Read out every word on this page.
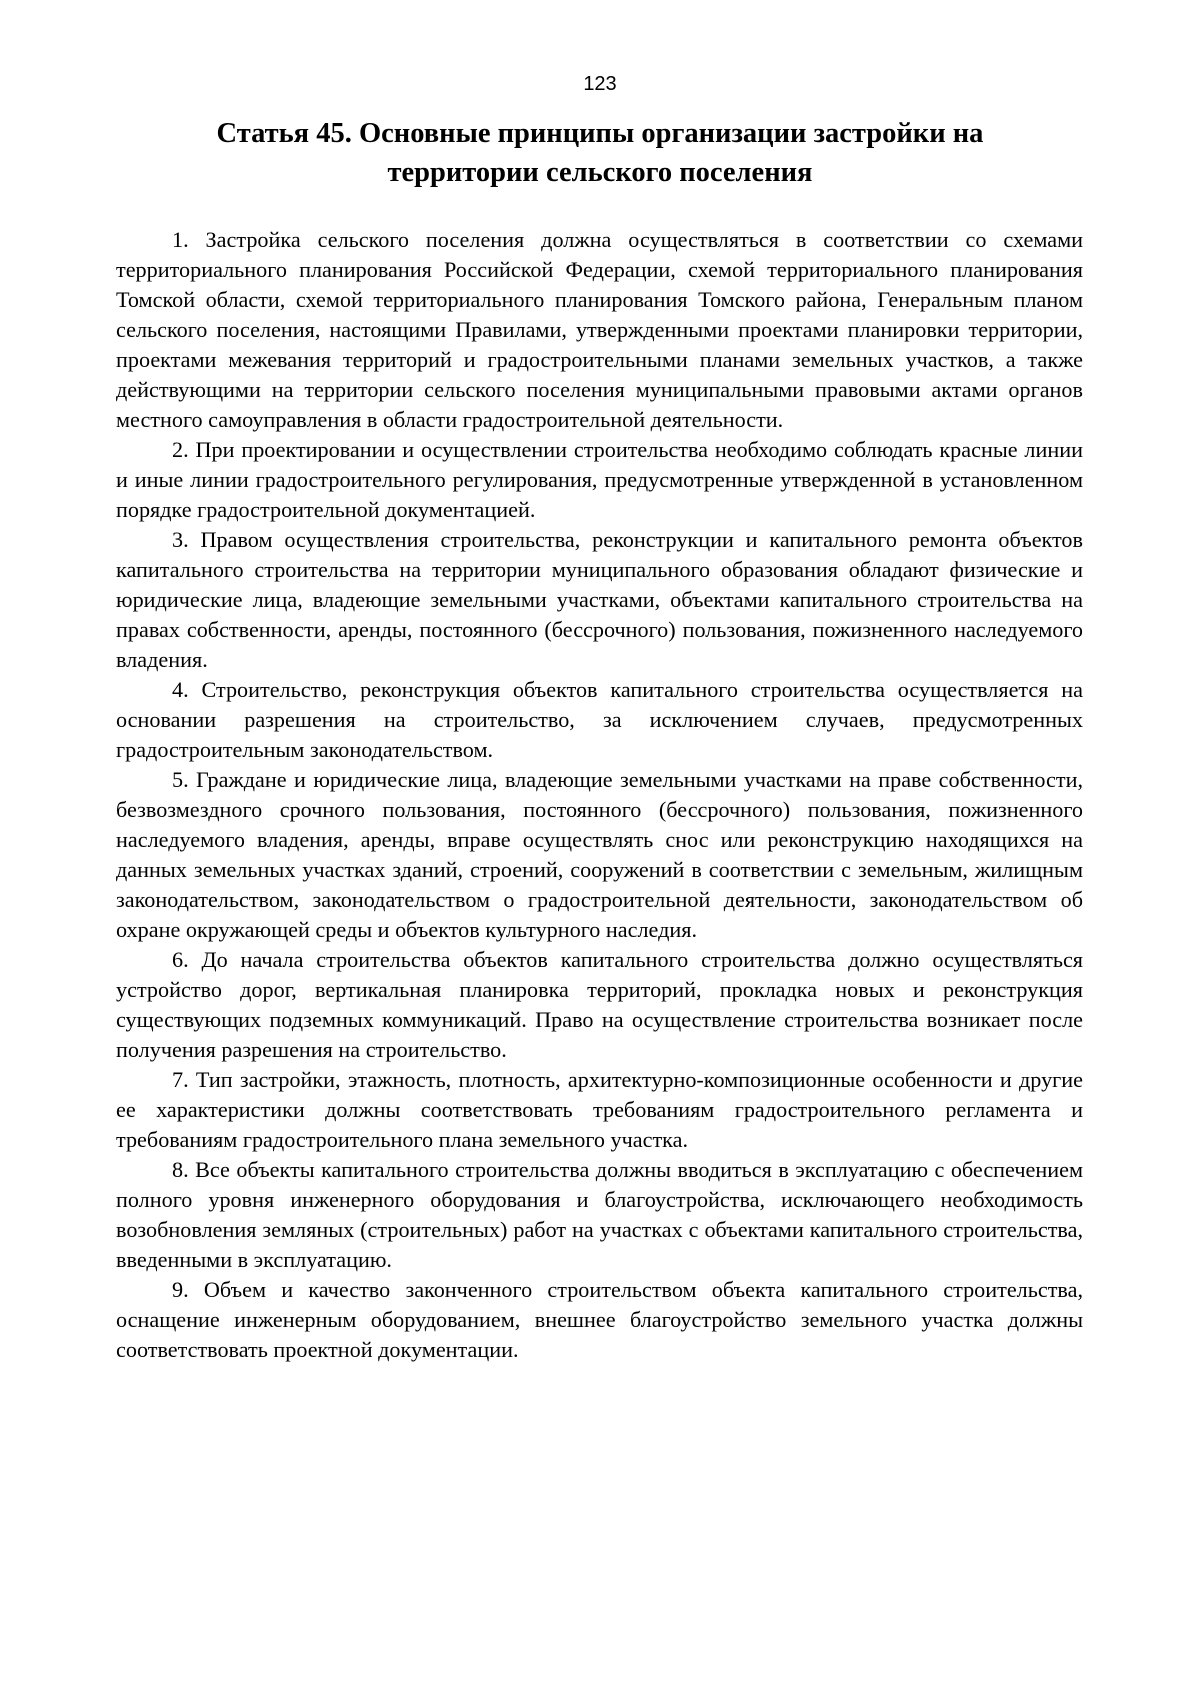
123
Статья 45. Основные принципы организации застройки на территории сельского поселения

1. Застройка сельского поселения должна осуществляться в соответствии со схемами территориального планирования Российской Федерации, схемой территориального планирования Томской области, схемой территориального планирования Томского района, Генеральным планом сельского поселения, настоящими Правилами, утвержденными проектами планировки территории, проектами межевания территорий и градостроительными планами земельных участков, а также действующими на территории сельского поселения муниципальными правовыми актами органов местного самоуправления в области градостроительной деятельности.

2. При проектировании и осуществлении строительства необходимо соблюдать красные линии и иные линии градостроительного регулирования, предусмотренные утвержденной в установленном порядке градостроительной документацией.

3. Правом осуществления строительства, реконструкции и капитального ремонта объектов капитального строительства на территории муниципального образования обладают физические и юридические лица, владеющие земельными участками, объектами капитального строительства на правах собственности, аренды, постоянного (бессрочного) пользования, пожизненного наследуемого владения.

4. Строительство, реконструкция объектов капитального строительства осуществляется на основании разрешения на строительство, за исключением случаев, предусмотренных градостроительным законодательством.

5. Граждане и юридические лица, владеющие земельными участками на праве собственности, безвозмездного срочного пользования, постоянного (бессрочного) пользования, пожизненного наследуемого владения, аренды, вправе осуществлять снос или реконструкцию находящихся на данных земельных участках зданий, строений, сооружений в соответствии с земельным, жилищным законодательством, законодательством о градостроительной деятельности, законодательством об охране окружающей среды и объектов культурного наследия.

6. До начала строительства объектов капитального строительства должно осуществляться устройство дорог, вертикальная планировка территорий, прокладка новых и реконструкция существующих подземных коммуникаций. Право на осуществление строительства возникает после получения разрешения на строительство.

7. Тип застройки, этажность, плотность, архитектурно-композиционные особенности и другие ее характеристики должны соответствовать требованиям градостроительного регламента и требованиям градостроительного плана земельного участка.

8. Все объекты капитального строительства должны вводиться в эксплуатацию с обеспечением полного уровня инженерного оборудования и благоустройства, исключающего необходимость возобновления земляных (строительных) работ на участках с объектами капитального строительства, введенными в эксплуатацию.

9. Объем и качество законченного строительством объекта капитального строительства, оснащение инженерным оборудованием, внешнее благоустройство земельного участка должны соответствовать проектной документации.
